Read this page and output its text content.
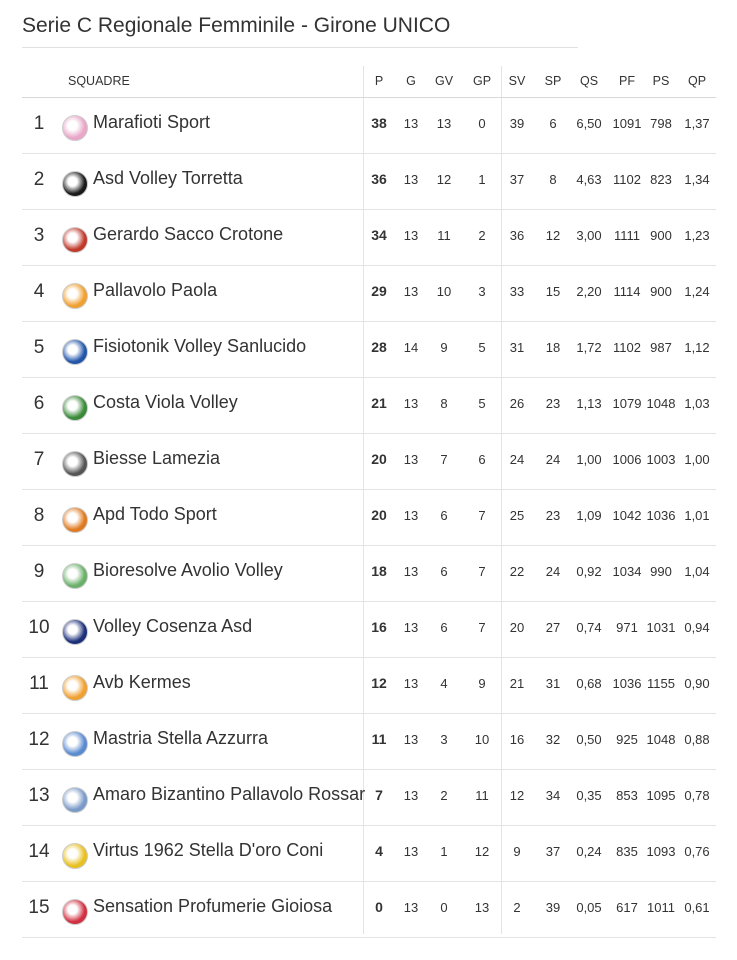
Serie C Regionale Femminile - Girone UNICO
SQUADRE	P	G	GV	GP	SV	SP	QS	PF	PS	QP
1	Marafioti Sport	38	13	13	0	39	6	6,50 1091 798 1,37
2	Asd Volley Torretta	36	13	12	1	37	8	4,63 1102 823 1,34
3	Gerardo Sacco Crotone	34	13	11	2	36	12	3,00 1111 900 1,23
4	Pallavolo Paola	29	13	10	3	33	15	2,20 1114 900 1,24
5	Fisiotonik Volley Sanlucido	28	14	9	5	31	18	1,72 1102 987 1,12
6	Costa Viola Volley	21	13	8	5	26	23	1,13 1079 1048 1,03
7	Biesse Lamezia	20	13	7	6	24	24	1,00 1006 1003 1,00
8	Apd Todo Sport	20	13	6	7	25	23	1,09 1042 1036 1,01
9	Bioresolve Avolio Volley	18	13	6	7	22	24	0,92 1034 990 1,04
10	Volley Cosenza Asd	16	13	6	7	20	27	0,74	971 1031 0,94
11	Avb Kermes	12	13	4	9	21	31	0,68 1036 1155 0,90
12	Mastria Stella Azzurra	11	13	3	10	16	32	0,50	925 1048 0,88
13	Amaro Bizantino Pallavolo Rossar 7	13	2	11	12	34	0,35	853 1095 0,78
14	Virtus 1962 Stella D'oro Coni	4	13	1	12	9	37	0,24	835 1093 0,76
15	Sensation Profumerie Gioiosa	0	13	0	13	2	39	0,05	617 1011 0,61
